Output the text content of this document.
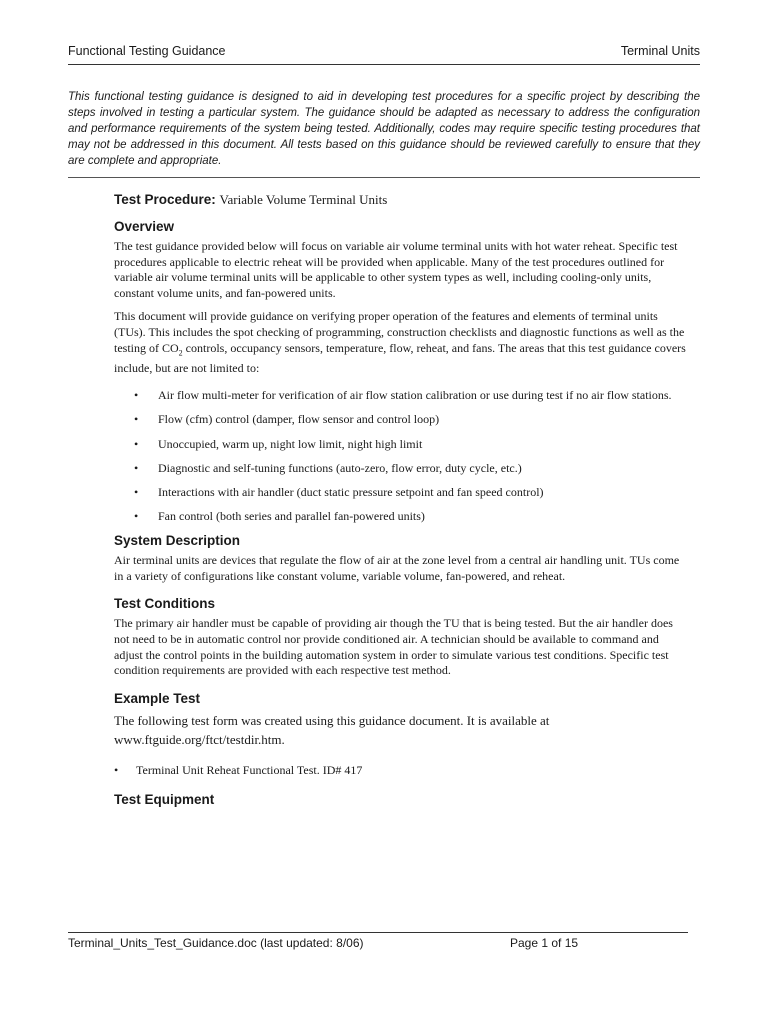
Functional Testing Guidance	Terminal Units

This functional testing guidance is designed to aid in developing test procedures for a specific project by describing the steps involved in testing a particular system. The guidance should be adapted as necessary to address the configuration and performance requirements of the system being tested. Additionally, codes may require specific testing procedures that may not be addressed in this document. All tests based on this guidance should be reviewed carefully to ensure that they are complete and appropriate.

Test Procedure: Variable Volume Terminal Units
Overview

The test guidance provided below will focus on variable air volume terminal units with hot water reheat. Specific test procedures applicable to electric reheat will be provided when applicable. Many of the test procedures outlined for variable air volume terminal units will be applicable to other system types as well, including cooling-only units, constant volume units, and fan-powered units.

This document will provide guidance on verifying proper operation of the features and elements of terminal units (TUs). This includes the spot checking of programming, construction checklists and diagnostic functions as well as the testing of $CO_2$ controls, occupancy sensors, temperature, flow, reheat, and fans. The areas that this test guidance covers include, but are not limited to:

• Air flow multi-meter for verification of air flow station calibration or use during test if no air flow stations.
• Flow (cfm) control (damper, flow sensor and control loop)
• Unoccupied, warm up, night low limit, night high limit
• Diagnostic and self-tuning functions (auto-zero, flow error, duty cycle, etc.)
• Interactions with air handler (duct static pressure setpoint and fan speed control)
• Fan control (both series and parallel fan-powered units)
System Description

Air terminal units are devices that regulate the flow of air at the zone level from a central air handling unit. TUs come in a variety of configurations like constant volume, variable volume, fan-powered, and reheat.

Test Conditions

The primary air handler must be capable of providing air though the TU that is being tested. But the air handler does not need to be in automatic control nor provide conditioned air. A technician should be available to command and adjust the control points in the building automation system in order to simulate various test conditions. Specific test condition requirements are provided with each respective test method.

Example Test

The following test form was created using this guidance document. It is available at www.ftguide.org/ftct/testdir.htm.

• Terminal Unit Reheat Functional Test. ID# 417
Test Equipment
Terminal_Units_Test_Guidance.doc (last updated: 8/06)	Page 1 of 15
